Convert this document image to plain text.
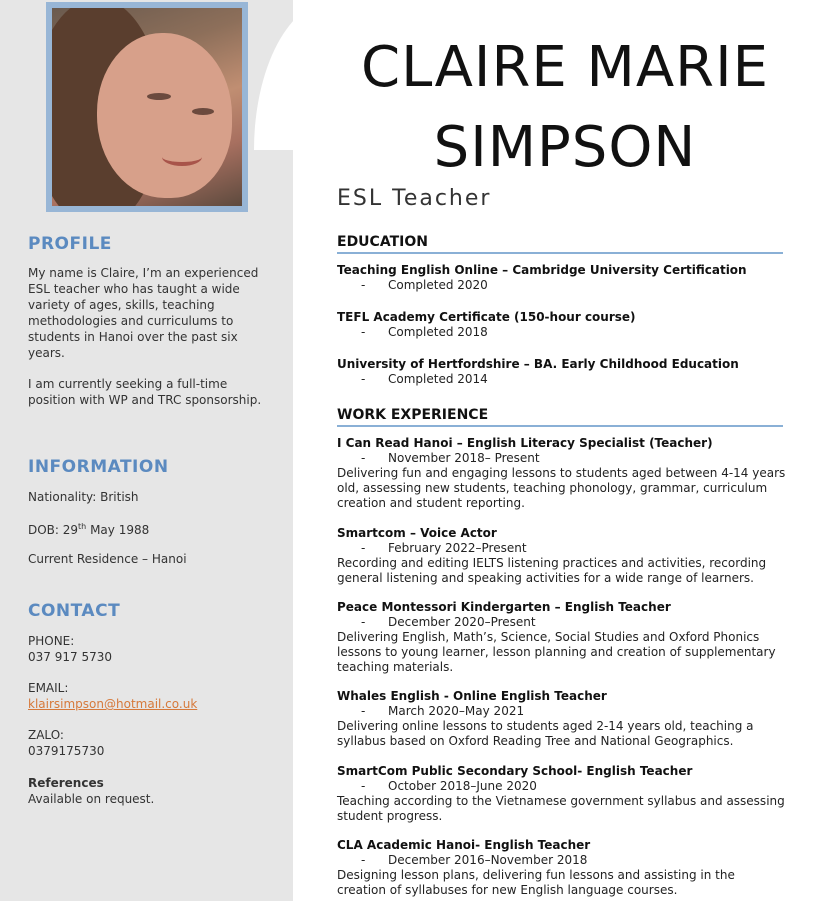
PROFILE

My name is Claire, I’m an experienced ESL teacher who has taught a wide variety of ages, skills, teaching methodologies and curriculums to students in Hanoi over the past six years.

I am currently seeking a full-time position with WP and TRC sponsorship.

INFORMATION

Nationality: British

DOB: 29th May 1988

Current Residence – Hanoi

CONTACT

PHONE:

037 917 5730

EMAIL:

klairsimpson@hotmail.co.uk

ZALO:

0379175730

References

Available on request.

CLAIRE MARIE
SIMPSON

ESL Teacher

EDUCATION
Teaching English Online – Cambridge University Certification
- Completed 2020
TEFL Academy Certificate (150-hour course)
- Completed 2018
University of Hertfordshire – BA. Early Childhood Education
- Completed 2014
WORK EXPERIENCE
I Can Read Hanoi – English Literacy Specialist (Teacher)
- November 2018– Present
Delivering fun and engaging lessons to students aged between 4-14 years old, assessing new students, teaching phonology, grammar, curriculum creation and student reporting.
Smartcom – Voice Actor
- February 2022–Present
Recording and editing IELTS listening practices and activities, recording general listening and speaking activities for a wide range of learners.
Peace Montessori Kindergarten – English Teacher
- December 2020–Present
Delivering English, Math’s, Science, Social Studies and Oxford Phonics lessons to young learner, lesson planning and creation of supplementary teaching materials.
Whales English - Online English Teacher
- March 2020–May 2021
Delivering online lessons to students aged 2-14 years old, teaching a syllabus based on Oxford Reading Tree and National Geographics.
SmartCom Public Secondary School- English Teacher
- October 2018–June 2020
Teaching according to the Vietnamese government syllabus and assessing student progress.
CLA Academic Hanoi- English Teacher
- December 2016–November 2018
Designing lesson plans, delivering fun lessons and assisting in the creation of syllabuses for new English language courses.
